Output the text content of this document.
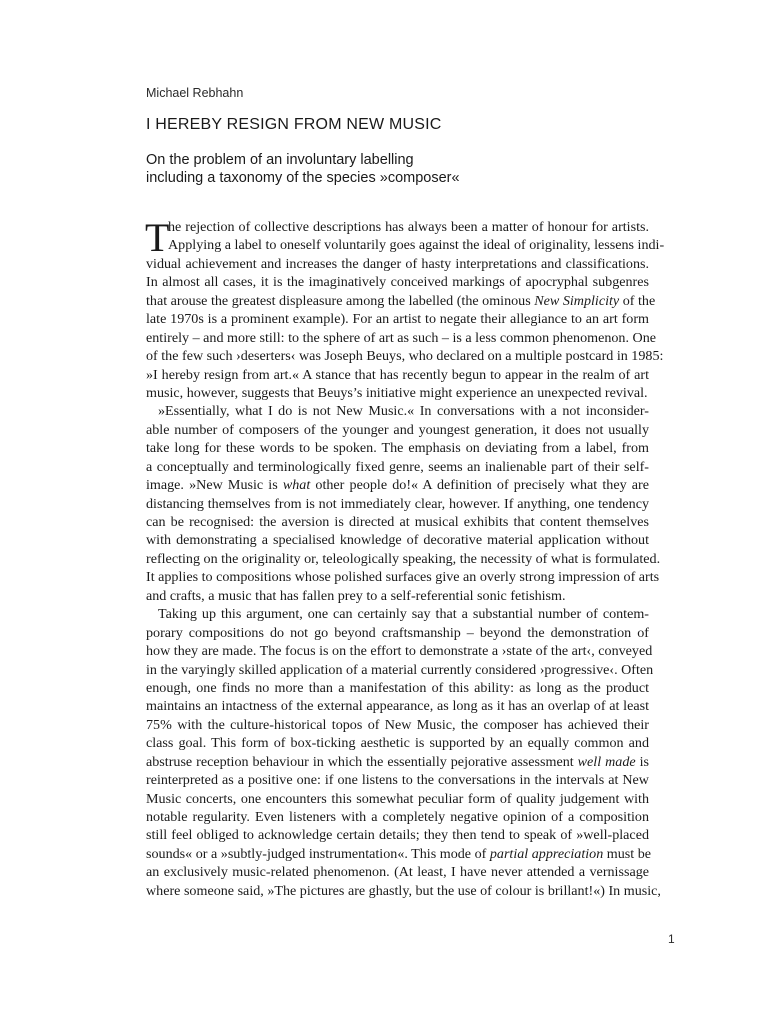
Michael Rebhahn
I HEREBY RESIGN FROM NEW MUSIC
On the problem of an involuntary labelling
including a taxonomy of the species »composer«
T
he rejection of collective descriptions has always been a matter of honour for artists.
Applying a label to oneself voluntarily goes against the ideal of originality, lessens indi-
vidual achievement and increases the danger of hasty interpretations and classifications.
In almost all cases, it is the imaginatively conceived markings of apocryphal subgenres
that arouse the greatest displeasure among the labelled (the ominous New Simplicity of the
late 1970s is a prominent example). For an artist to negate their allegiance to an art form
entirely – and more still: to the sphere of art as such – is a less common phenomenon. One
of the few such ›deserters‹ was Joseph Beuys, who declared on a multiple postcard in 1985:
»I hereby resign from art.« A stance that has recently begun to appear in the realm of art
music, however, suggests that Beuys’s initiative might experience an unexpected revival.
»Essentially, what I do is not New Music.« In conversations with a not inconsider-
able number of composers of the younger and youngest generation, it does not usually
take long for these words to be spoken. The emphasis on deviating from a label, from
a conceptually and terminologically fixed genre, seems an inalienable part of their self-
image. »New Music is what other people do!« A definition of precisely what they are
distancing themselves from is not immediately clear, however. If anything, one tendency
can be recognised: the aversion is directed at musical exhibits that content themselves
with demonstrating a specialised knowledge of decorative material application without
reflecting on the originality or, teleologically speaking, the necessity of what is formulated.
It applies to compositions whose polished surfaces give an overly strong impression of arts
and crafts, a music that has fallen prey to a self-referential sonic fetishism.
Taking up this argument, one can certainly say that a substantial number of contem-
porary compositions do not go beyond craftsmanship – beyond the demonstration of
how they are made. The focus is on the effort to demonstrate a ›state of the art‹, conveyed
in the varyingly skilled application of a material currently considered ›progressive‹. Often
enough, one finds no more than a manifestation of this ability: as long as the product
maintains an intactness of the external appearance, as long as it has an overlap of at least
75% with the culture-historical topos of New Music, the composer has achieved their
class goal. This form of box-ticking aesthetic is supported by an equally common and
abstruse reception behaviour in which the essentially pejorative assessment well made is
reinterpreted as a positive one: if one listens to the conversations in the intervals at New
Music concerts, one encounters this somewhat peculiar form of quality judgement with
notable regularity. Even listeners with a completely negative opinion of a composition
still feel obliged to acknowledge certain details; they then tend to speak of »well-placed
sounds« or a »subtly-judged instrumentation«. This mode of partial appreciation must be
an exclusively music-related phenomenon. (At least, I have never attended a vernissage
where someone said, »The pictures are ghastly, but the use of colour is brillant!«) In music,
1
